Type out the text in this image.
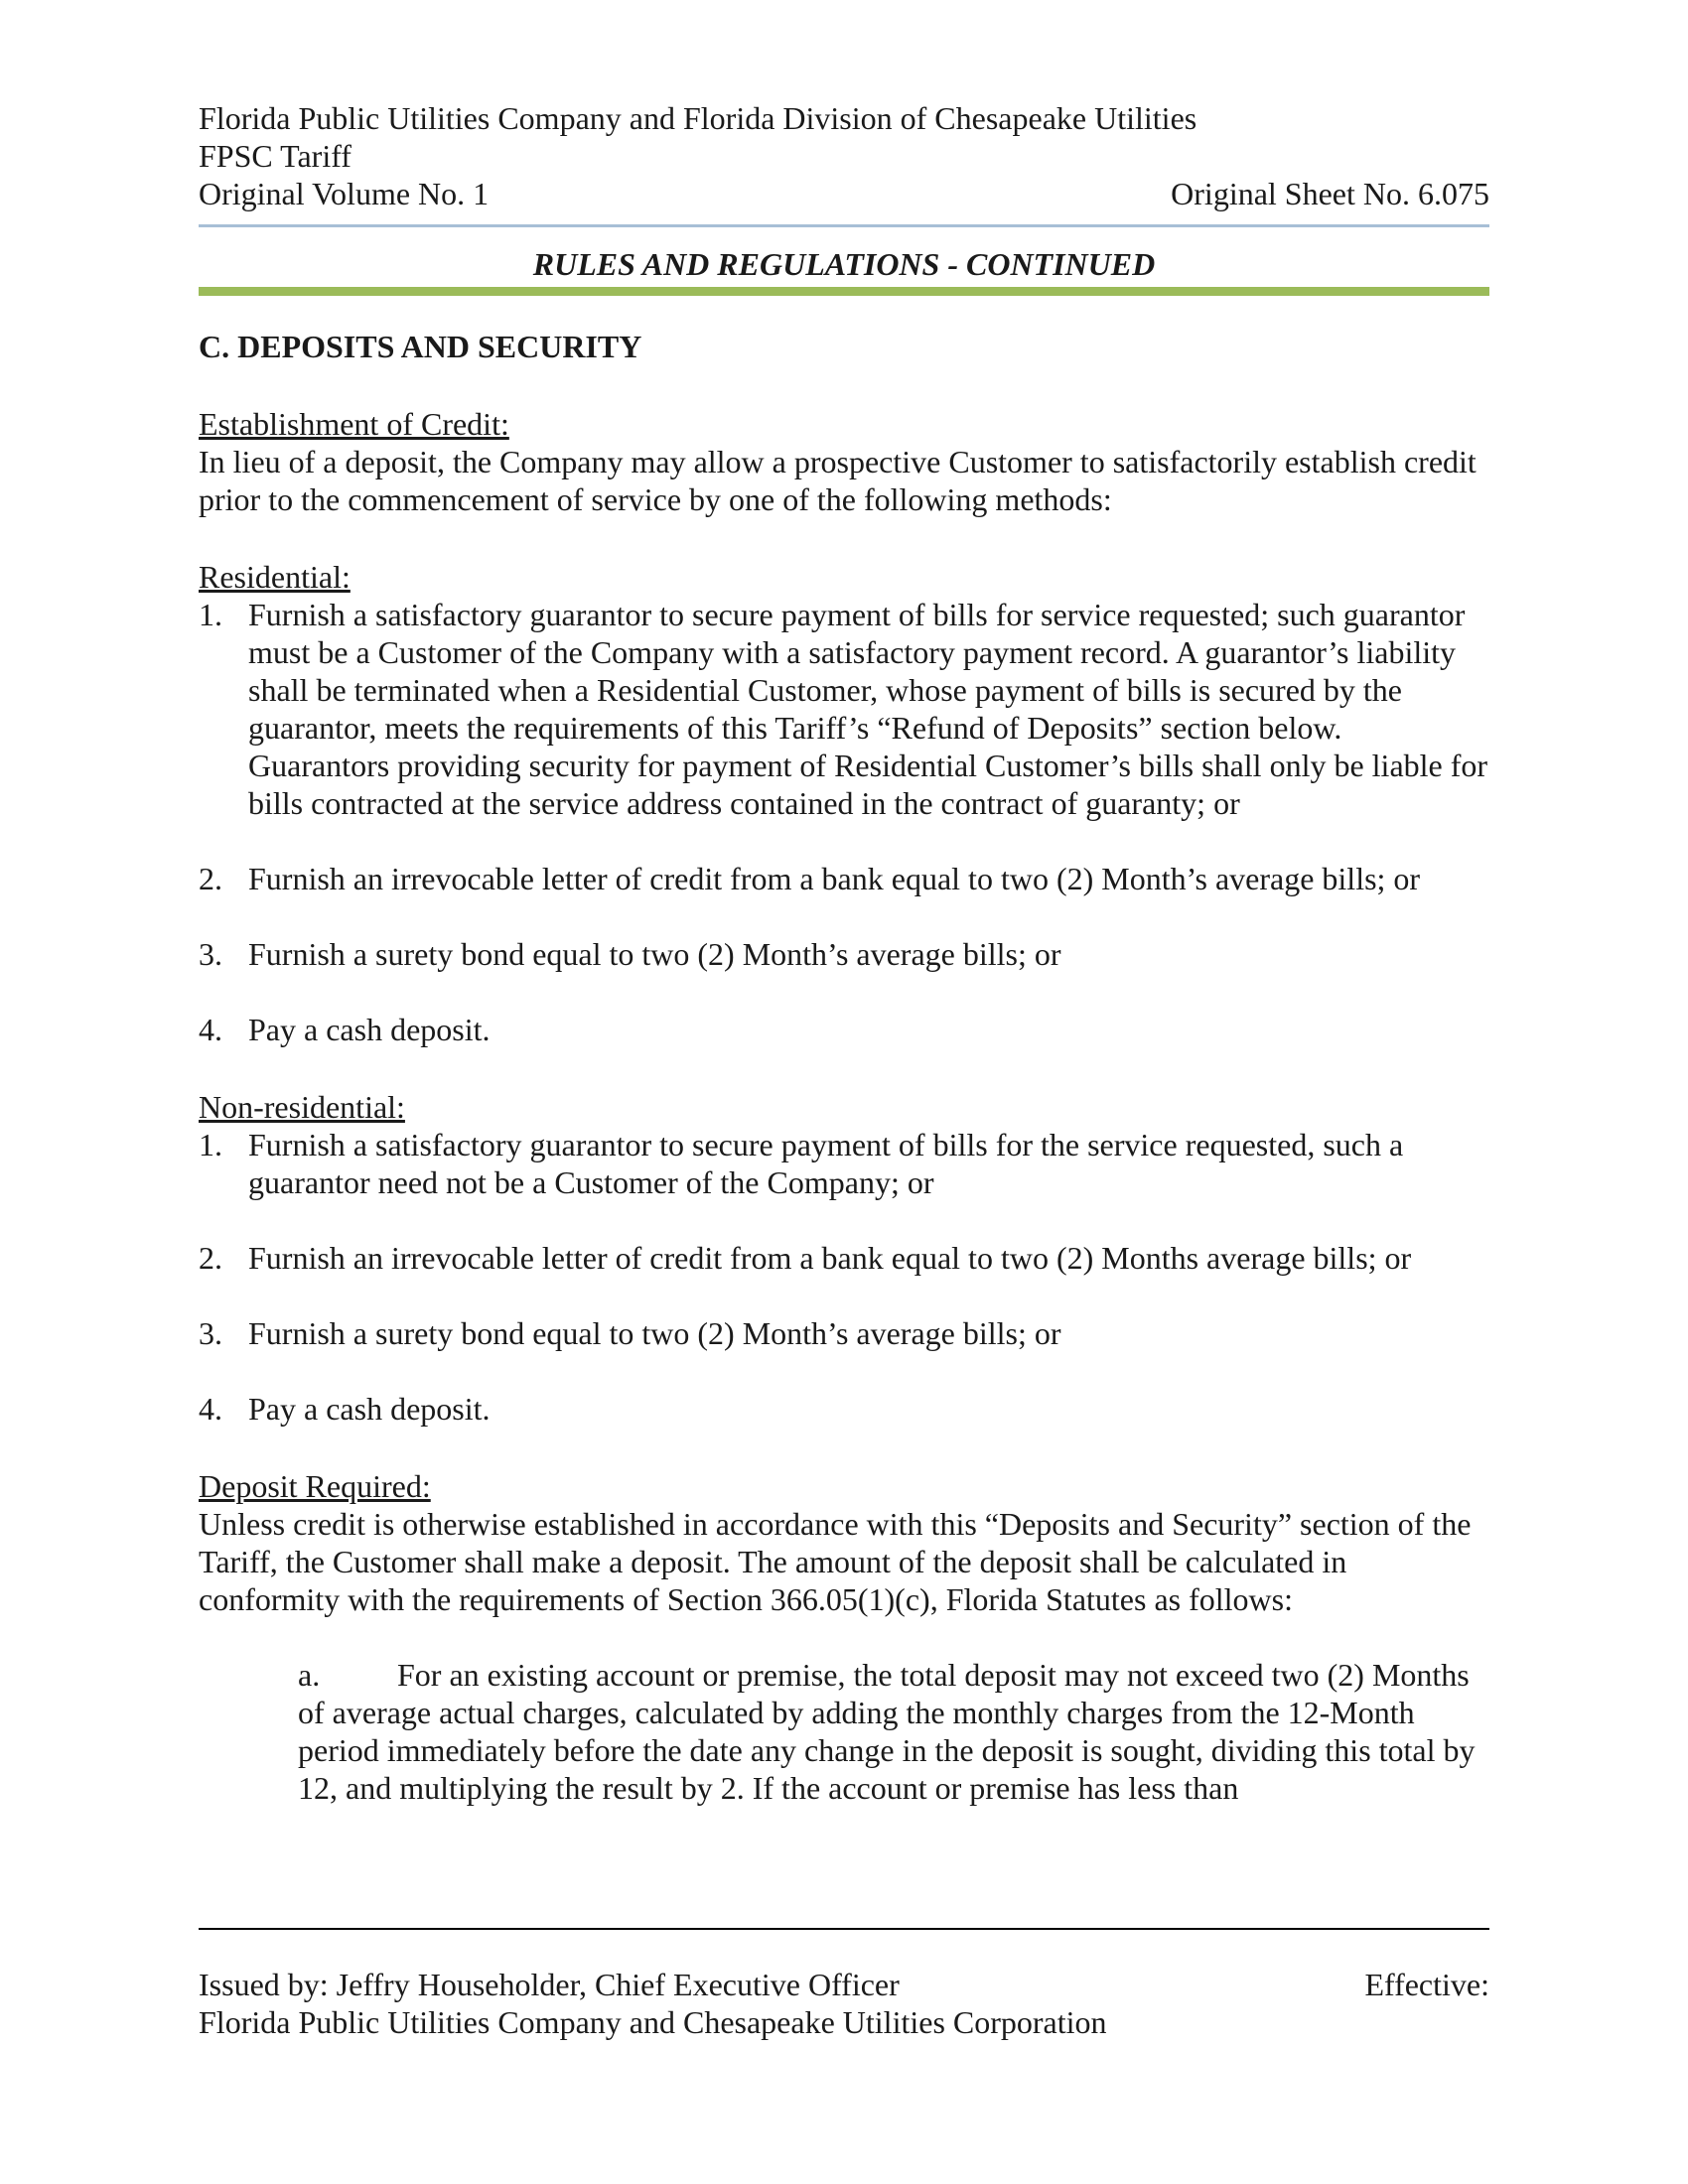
Florida Public Utilities Company and Florida Division of Chesapeake Utilities
FPSC Tariff
Original Volume No. 1	Original Sheet No. 6.075
RULES AND REGULATIONS - CONTINUED
C. DEPOSITS AND SECURITY
Establishment of Credit:

In lieu of a deposit, the Company may allow a prospective Customer to satisfactorily establish credit prior to the commencement of service by one of the following methods:

Residential:
1. Furnish a satisfactory guarantor to secure payment of bills for service requested; such guarantor must be a Customer of the Company with a satisfactory payment record. A guarantor’s liability shall be terminated when a Residential Customer, whose payment of bills is secured by the guarantor, meets the requirements of this Tariff’s “Refund of Deposits” section below. Guarantors providing security for payment of Residential Customer’s bills shall only be liable for bills contracted at the service address contained in the contract of guaranty; or
2. Furnish an irrevocable letter of credit from a bank equal to two (2) Month’s average bills; or
3. Furnish a surety bond equal to two (2) Month’s average bills; or
4. Pay a cash deposit.
Non-residential:
1. Furnish a satisfactory guarantor to secure payment of bills for the service requested, such a guarantor need not be a Customer of the Company; or
2. Furnish an irrevocable letter of credit from a bank equal to two (2) Months average bills; or
3. Furnish a surety bond equal to two (2) Month’s average bills; or
4. Pay a cash deposit.
Deposit Required:

Unless credit is otherwise established in accordance with this “Deposits and Security” section of the Tariff, the Customer shall make a deposit. The amount of the deposit shall be calculated in conformity with the requirements of Section 366.05(1)(c), Florida Statutes as follows:

a. For an existing account or premise, the total deposit may not exceed two (2) Months of average actual charges, calculated by adding the monthly charges from the 12-Month period immediately before the date any change in the deposit is sought, dividing this total by 12, and multiplying the result by 2. If the account or premise has less than
Issued by: Jeffry Householder, Chief Executive Officer	Effective:
Florida Public Utilities Company and Chesapeake Utilities Corporation
